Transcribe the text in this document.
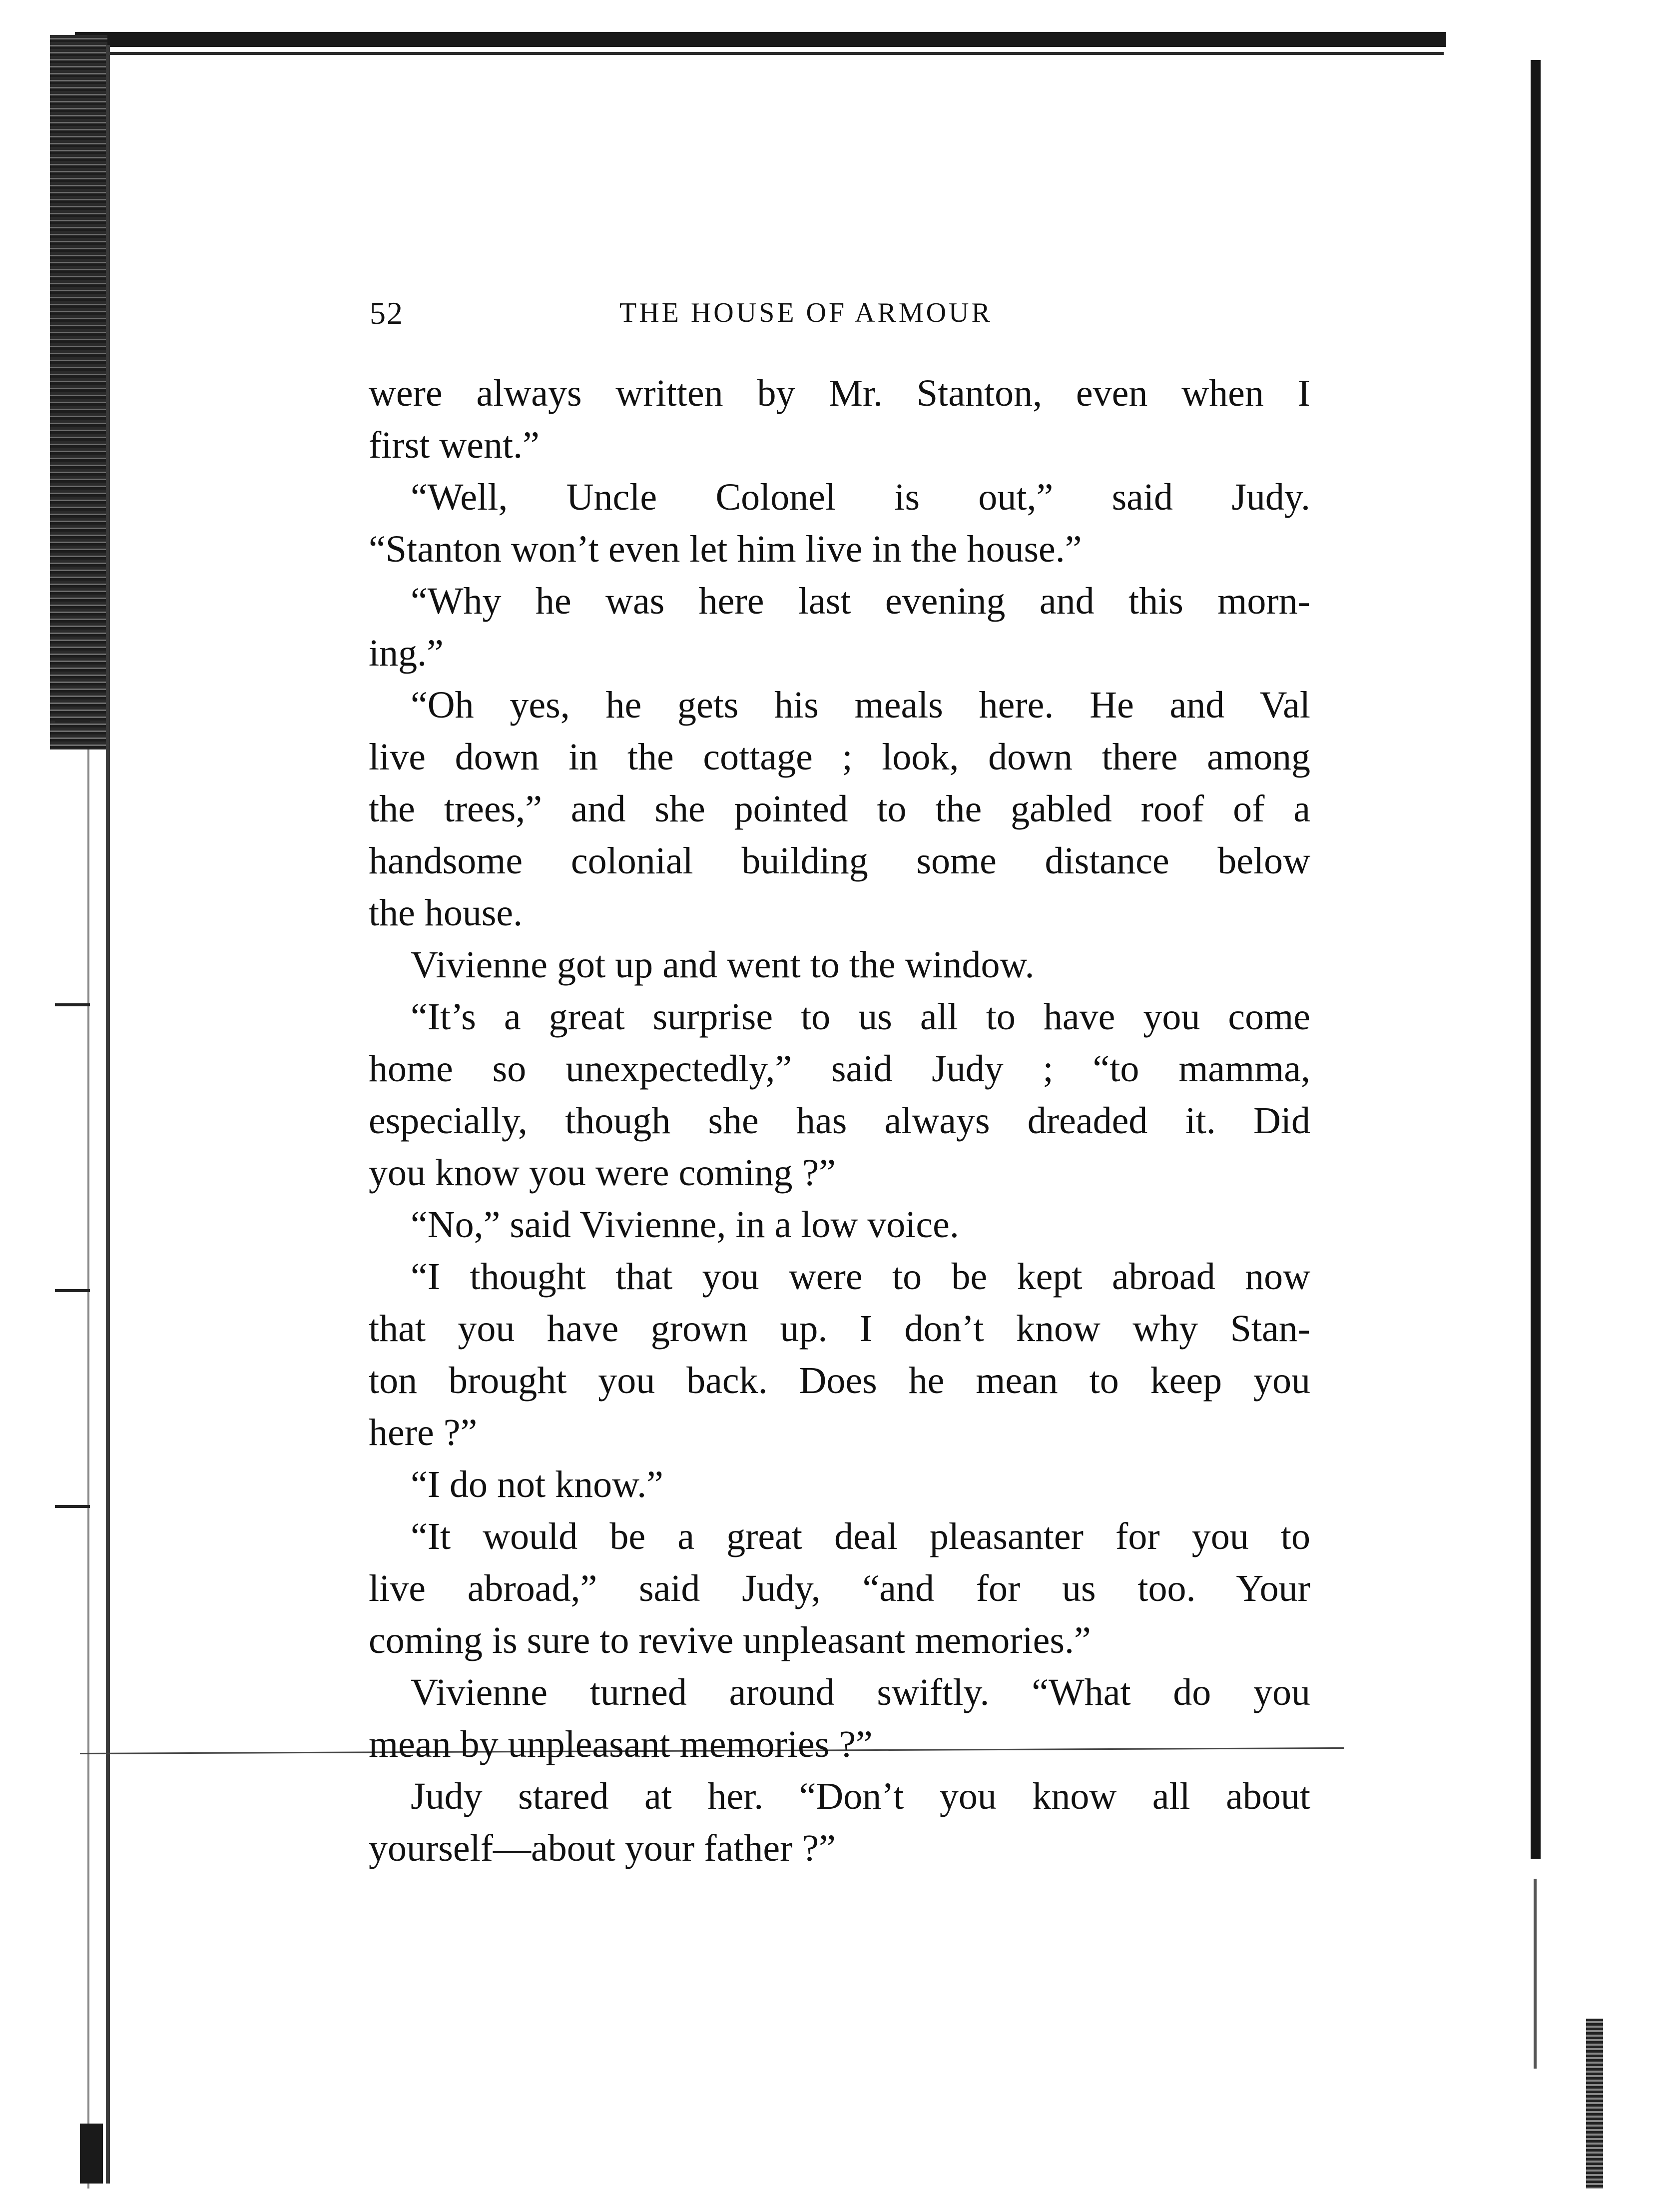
52	THE HOUSE OF ARMOUR
were always written by Mr. Stanton, even when I
first went.”
“Well, Uncle Colonel is out,” said Judy.
“Stanton won’t even let him live in the house.”
“Why he was here last evening and this morn-
ing.”
“Oh yes, he gets his meals here. He and Val
live down in the cottage ; look, down there among
the trees,” and she pointed to the gabled roof of a
handsome colonial building some distance below
the house.
Vivienne got up and went to the window.
“It’s a great surprise to us all to have you come
home so unexpectedly,” said Judy ; “to mamma,
especially, though she has always dreaded it. Did
you know you were coming ?”
“No,” said Vivienne, in a low voice.
“I thought that you were to be kept abroad now
that you have grown up. I don’t know why Stan-
ton brought you back. Does he mean to keep you
here ?”
“I do not know.”
“It would be a great deal pleasanter for you to
live abroad,” said Judy, “and for us too. Your
coming is sure to revive unpleasant memories.”
Vivienne turned around swiftly. “What do you
mean by unpleasant memories ?”
Judy stared at her. “Don’t you know all about
yourself—about your father ?”
